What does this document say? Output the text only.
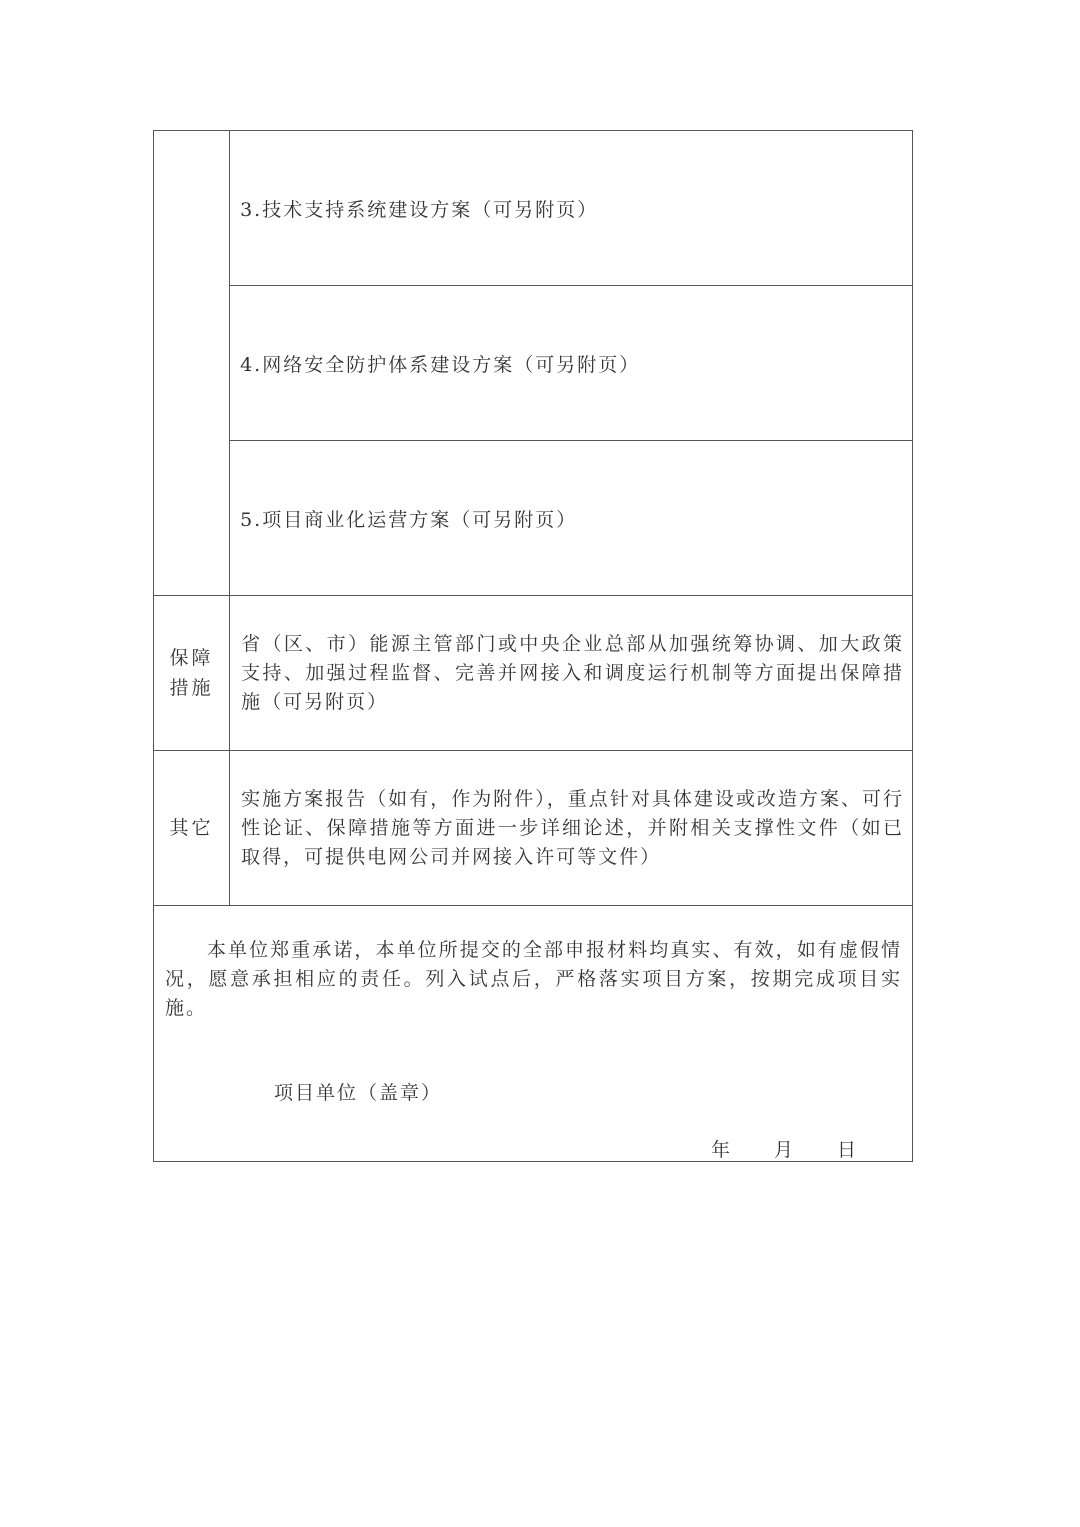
	3.技术支持系统建设方案（可另附页）

	4.网络安全防护体系建设方案（可另附页）

	5.项目商业化运营方案（可另附页）

保障
措施	省（区、市）能源主管部门或中央企业总部从加强统筹协调、加大政策支持、加强过程监督、完善并网接入和调度运行机制等方面提出保障措施（可另附页）

其它	实施方案报告（如有，作为附件），重点针对具体建设或改造方案、可行性论证、保障措施等方面进一步详细论述，并附相关支撑性文件（如已取得，可提供电网公司并网接入许可等文件）

本单位郑重承诺，本单位所提交的全部申报材料均真实、有效，如有虚假情况，愿意承担相应的责任。列入试点后，严格落实项目方案，按期完成项目实施。

项目单位（盖章）
年 月 日	
